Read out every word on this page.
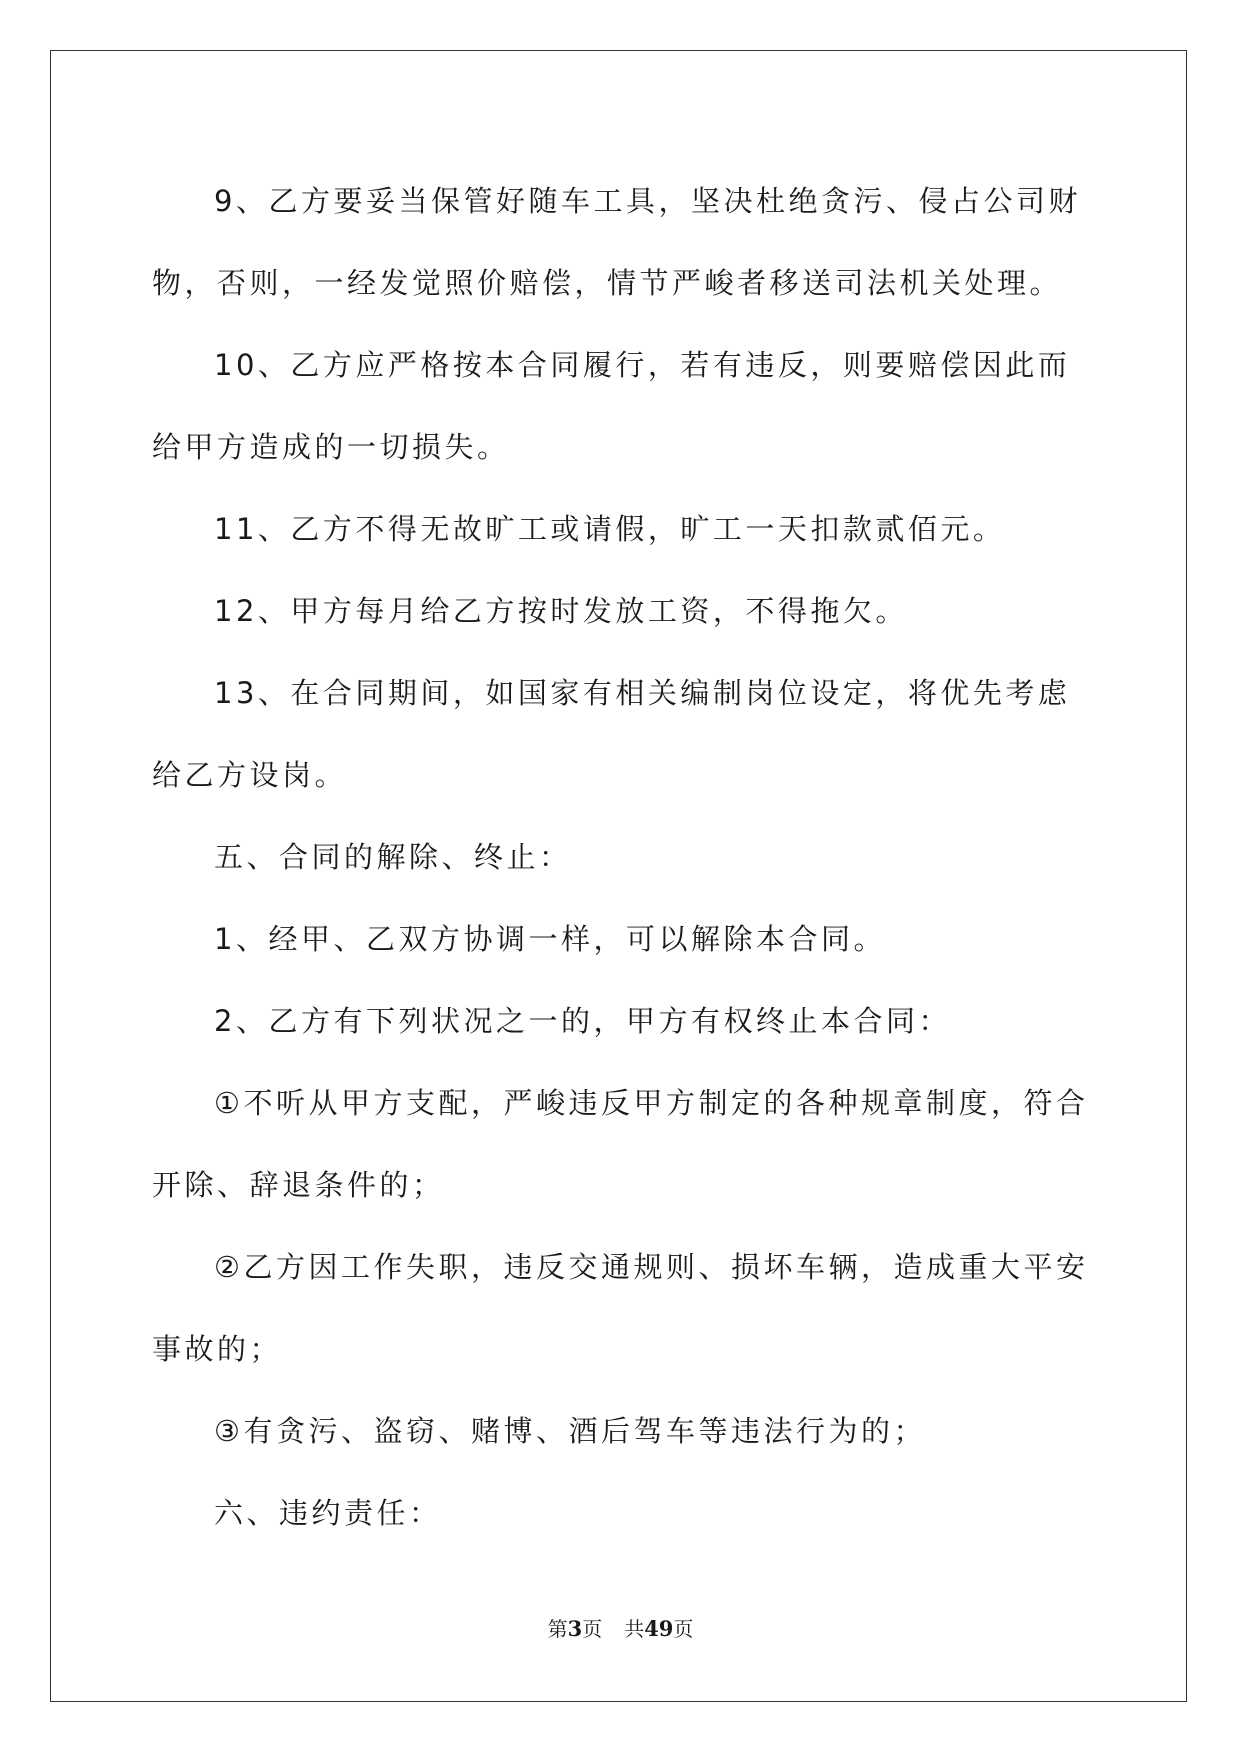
9、乙方要妥当保管好随车工具，坚决杜绝贪污、侵占公司财物，否则，一经发觉照价赔偿，情节严峻者移送司法机关处理。

10、乙方应严格按本合同履行，若有违反，则要赔偿因此而给甲方造成的一切损失。

11、乙方不得无故旷工或请假，旷工一天扣款贰佰元。

12、甲方每月给乙方按时发放工资，不得拖欠。

13、在合同期间，如国家有相关编制岗位设定，将优先考虑给乙方设岗。

五、合同的解除、终止：

1、经甲、乙双方协调一样，可以解除本合同。

2、乙方有下列状况之一的，甲方有权终止本合同：

①不听从甲方支配，严峻违反甲方制定的各种规章制度，符合开除、辞退条件的；

②乙方因工作失职，违反交通规则、损坏车辆，造成重大平安事故的；

③有贪污、盗窃、赌博、酒后驾车等违法行为的；

六、违约责任：

第3页 共49页
